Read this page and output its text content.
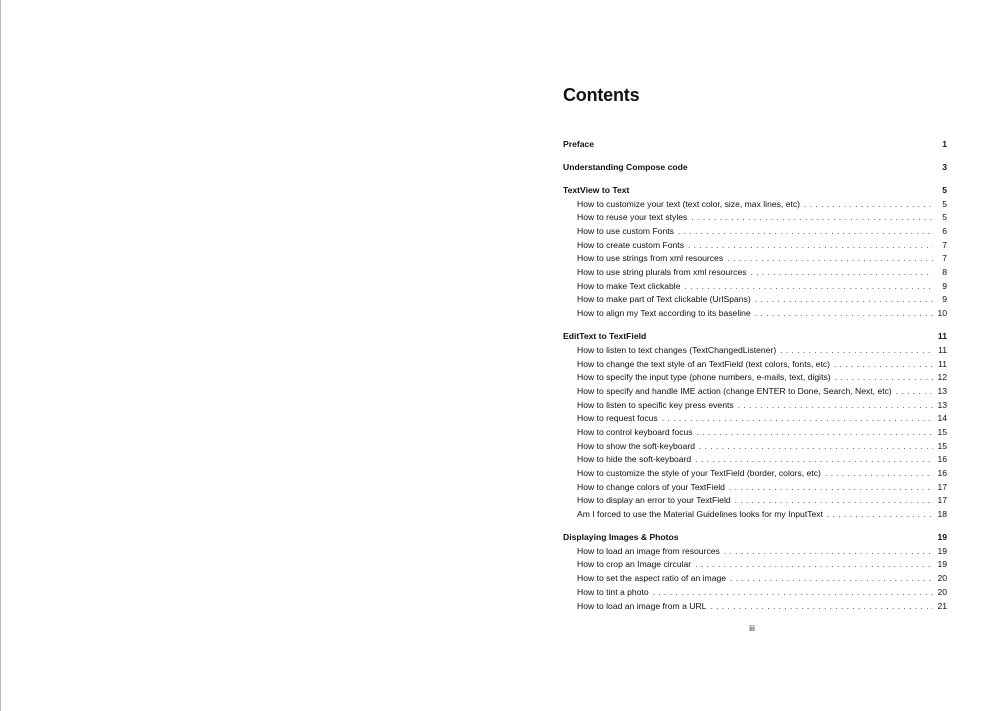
Contents
Preface	1
Understanding Compose code	3
TextView to Text	5
How to customize your text (text color, size, max lines, etc) . . .	5
How to reuse your text styles . . .	5
How to use custom Fonts . . .	6
How to create custom Fonts . . .	7
How to use strings from xml resources . . .	7
How to use string plurals from xml resources . . .	8
How to make Text clickable . . .	9
How to make part of Text clickable (UrlSpans) . . .	9
How to align my Text according to its baseline . . .	10
EditText to TextField	11
How to listen to text changes (TextChangedListener) . . .	11
How to change the text style of an TextField (text colors, fonts, etc) . . .	11
How to specify the input type (phone numbers, e-mails, text, digits) . . .	12
How to specify and handle IME action (change ENTER to Done, Search, Next, etc) . . .	13
How to listen to specific key press events . . .	13
How to request focus . . .	14
How to control keyboard focus . . .	15
How to show the soft-keyboard . . .	15
How to hide the soft-keyboard . . .	16
How to customize the style of your TextField (border, colors, etc) . . .	16
How to change colors of your TextField . . .	17
How to display an error to your TextField . . .	17
Am I forced to use the Material Guidelines looks for my InputText . . .	18
Displaying Images & Photos	19
How to load an image from resources . . .	19
How to crop an Image circular . . .	19
How to set the aspect ratio of an image . . .	20
How to tint a photo . . .	20
How to load an image from a URL . . .	21
iii
